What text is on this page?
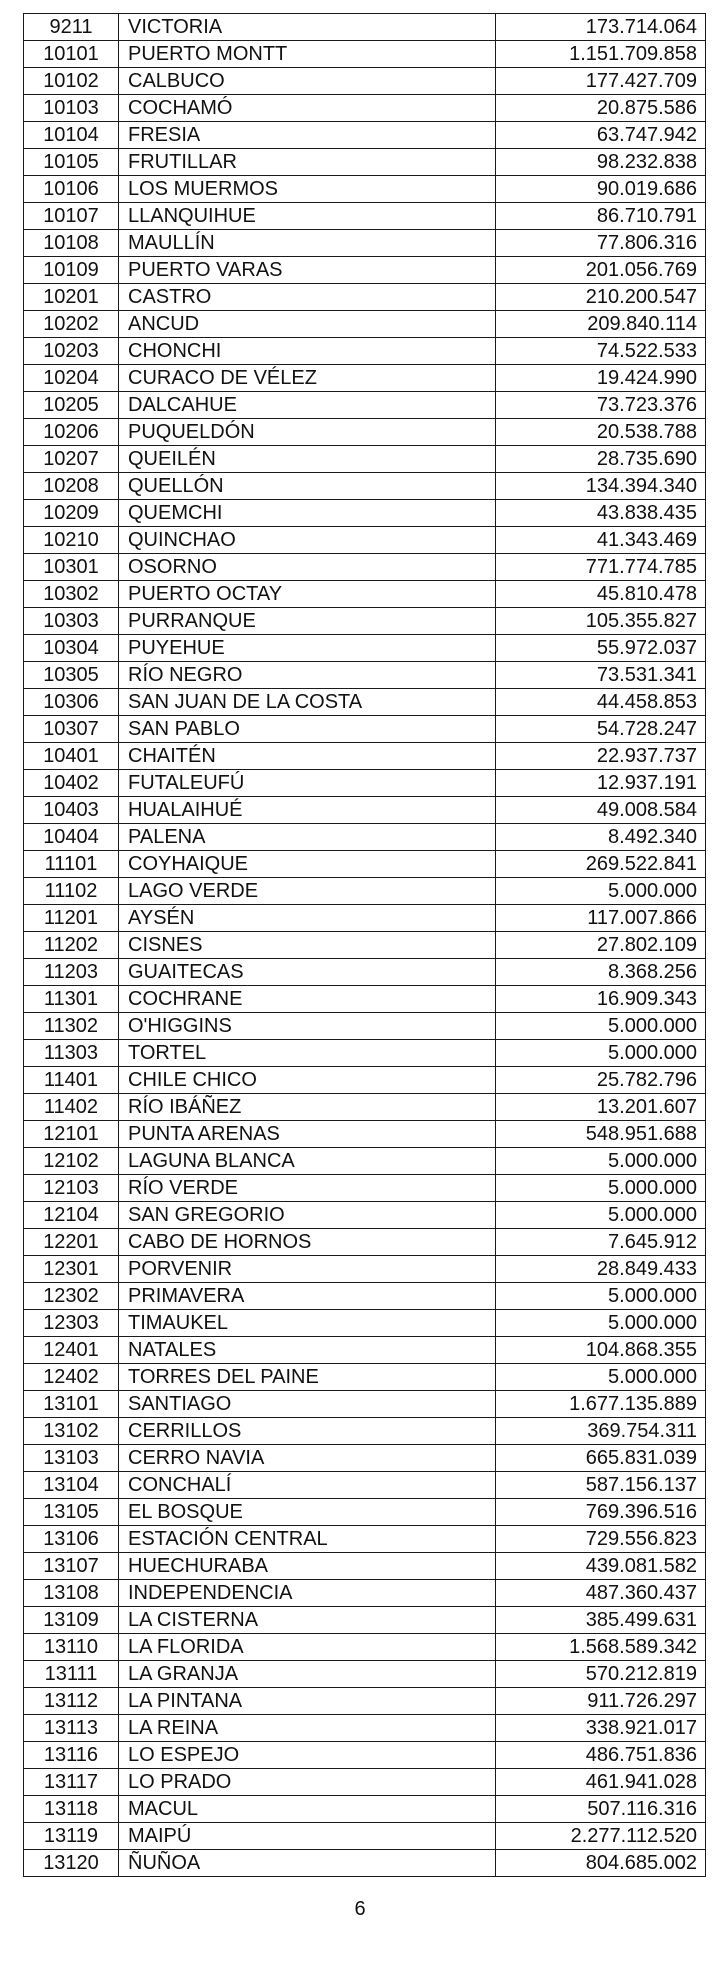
9211	VICTORIA	173.714.064
10101	PUERTO MONTT	1.151.709.858
10102	CALBUCO	177.427.709
10103	COCHAMÓ	20.875.586
10104	FRESIA	63.747.942
10105	FRUTILLAR	98.232.838
10106	LOS MUERMOS	90.019.686
10107	LLANQUIHUE	86.710.791
10108	MAULLÍN	77.806.316
10109	PUERTO VARAS	201.056.769
10201	CASTRO	210.200.547
10202	ANCUD	209.840.114
10203	CHONCHI	74.522.533
10204	CURACO DE VÉLEZ	19.424.990
10205	DALCAHUE	73.723.376
10206	PUQUELDÓN	20.538.788
10207	QUEILÉN	28.735.690
10208	QUELLÓN	134.394.340
10209	QUEMCHI	43.838.435
10210	QUINCHAO	41.343.469
10301	OSORNO	771.774.785
10302	PUERTO OCTAY	45.810.478
10303	PURRANQUE	105.355.827
10304	PUYEHUE	55.972.037
10305	RÍO NEGRO	73.531.341
10306	SAN JUAN DE LA COSTA	44.458.853
10307	SAN PABLO	54.728.247
10401	CHAITÉN	22.937.737
10402	FUTALEUFÚ	12.937.191
10403	HUALAIHUÉ	49.008.584
10404	PALENA	8.492.340
11101	COYHAIQUE	269.522.841
11102	LAGO VERDE	5.000.000
11201	AYSÉN	117.007.866
11202	CISNES	27.802.109
11203	GUAITECAS	8.368.256
11301	COCHRANE	16.909.343
11302	O'HIGGINS	5.000.000
11303	TORTEL	5.000.000
11401	CHILE CHICO	25.782.796
11402	RÍO IBÁÑEZ	13.201.607
12101	PUNTA ARENAS	548.951.688
12102	LAGUNA BLANCA	5.000.000
12103	RÍO VERDE	5.000.000
12104	SAN GREGORIO	5.000.000
12201	CABO DE HORNOS	7.645.912
12301	PORVENIR	28.849.433
12302	PRIMAVERA	5.000.000
12303	TIMAUKEL	5.000.000
12401	NATALES	104.868.355
12402	TORRES DEL PAINE	5.000.000
13101	SANTIAGO	1.677.135.889
13102	CERRILLOS	369.754.311
13103	CERRO NAVIA	665.831.039
13104	CONCHALÍ	587.156.137
13105	EL BOSQUE	769.396.516
13106	ESTACIÓN CENTRAL	729.556.823
13107	HUECHURABA	439.081.582
13108	INDEPENDENCIA	487.360.437
13109	LA CISTERNA	385.499.631
13110	LA FLORIDA	1.568.589.342
13111	LA GRANJA	570.212.819
13112	LA PINTANA	911.726.297
13113	LA REINA	338.921.017
13116	LO ESPEJO	486.751.836
13117	LO PRADO	461.941.028
13118	MACUL	507.116.316
13119	MAIPÚ	2.277.112.520
13120	ÑUÑOA	804.685.002
6
